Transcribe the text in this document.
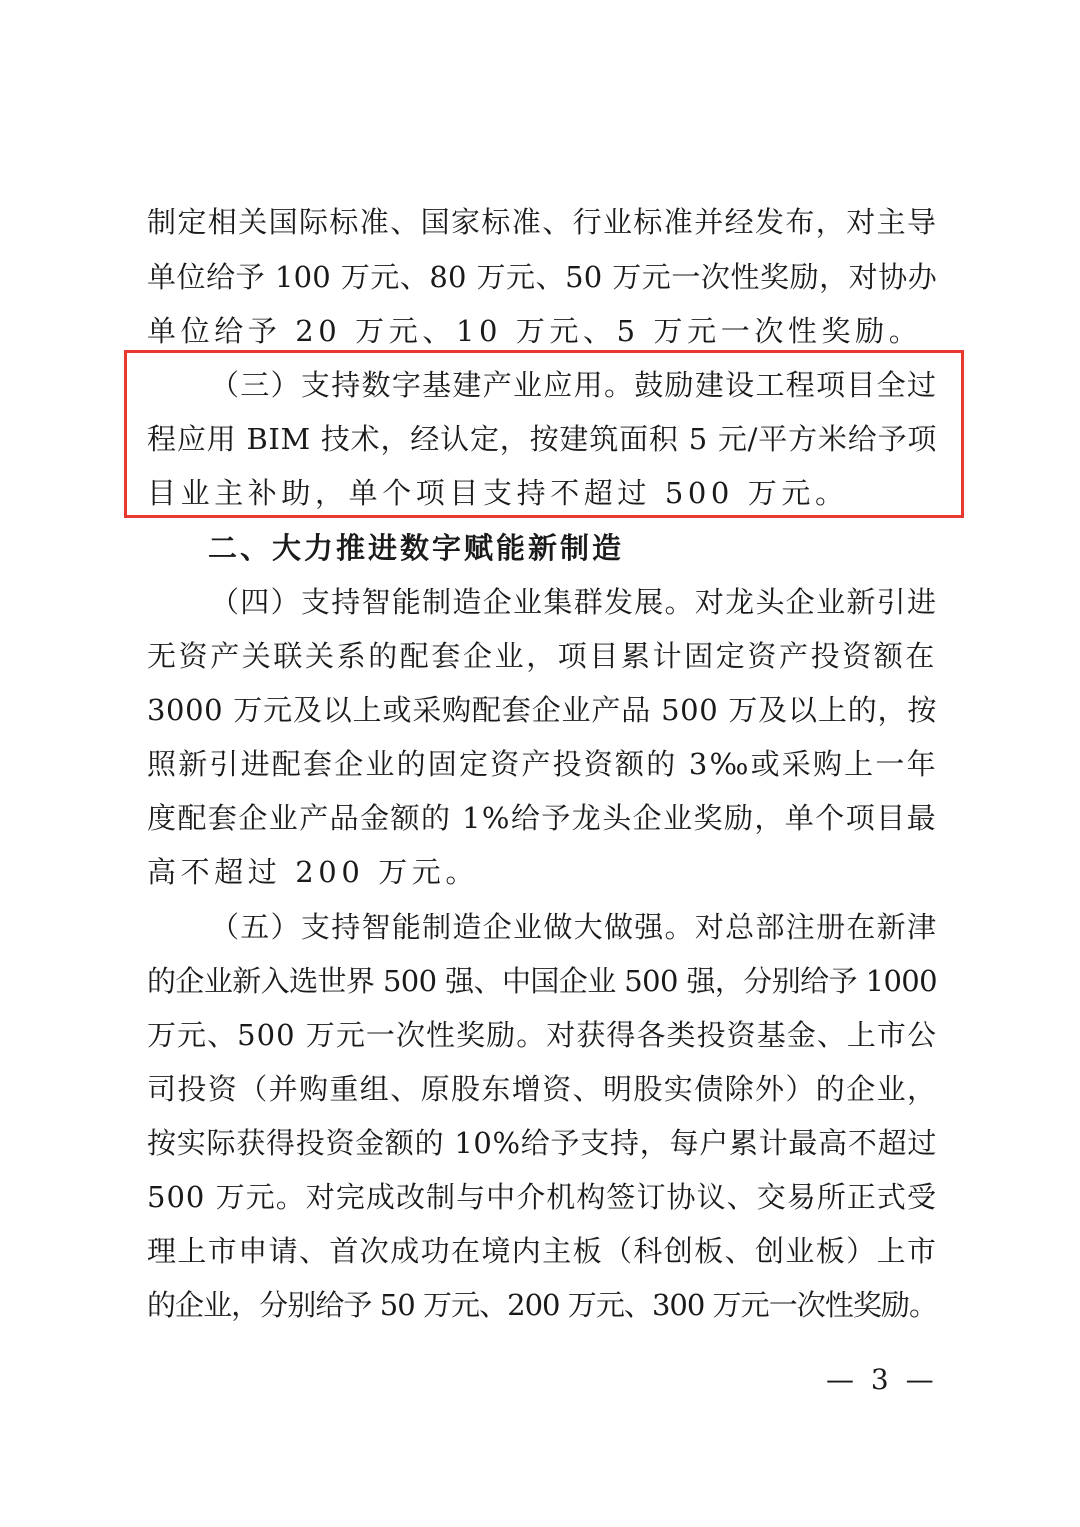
制定相关国际标准、国家标准、行业标准并经发布，对主导
单位给予 100 万元、80 万元、50 万元一次性奖励，对协办
单位给予 20 万元、10 万元、5 万元一次性奖励。
（三）支持数字基建产业应用。鼓励建设工程项目全过
程应用 BIM 技术，经认定，按建筑面积 5 元/平方米给予项
目业主补助，单个项目支持不超过 500 万元。
二、大力推进数字赋能新制造
（四）支持智能制造企业集群发展。对龙头企业新引进
无资产关联关系的配套企业，项目累计固定资产投资额在
3000 万元及以上或采购配套企业产品 500 万及以上的，按
照新引进配套企业的固定资产投资额的 3‰或采购上一年
度配套企业产品金额的 1%给予龙头企业奖励，单个项目最
高不超过 200 万元。
（五）支持智能制造企业做大做强。对总部注册在新津
的企业新入选世界 500 强、中国企业 500 强，分别给予 1000
万元、500 万元一次性奖励。对获得各类投资基金、上市公
司投资（并购重组、原股东增资、明股实债除外）的企业，
按实际获得投资金额的 10%给予支持，每户累计最高不超过
500 万元。对完成改制与中介机构签订协议、交易所正式受
理上市申请、首次成功在境内主板（科创板、创业板）上市
的企业，分别给予 50 万元、200 万元、300 万元一次性奖励。
— 3 —
